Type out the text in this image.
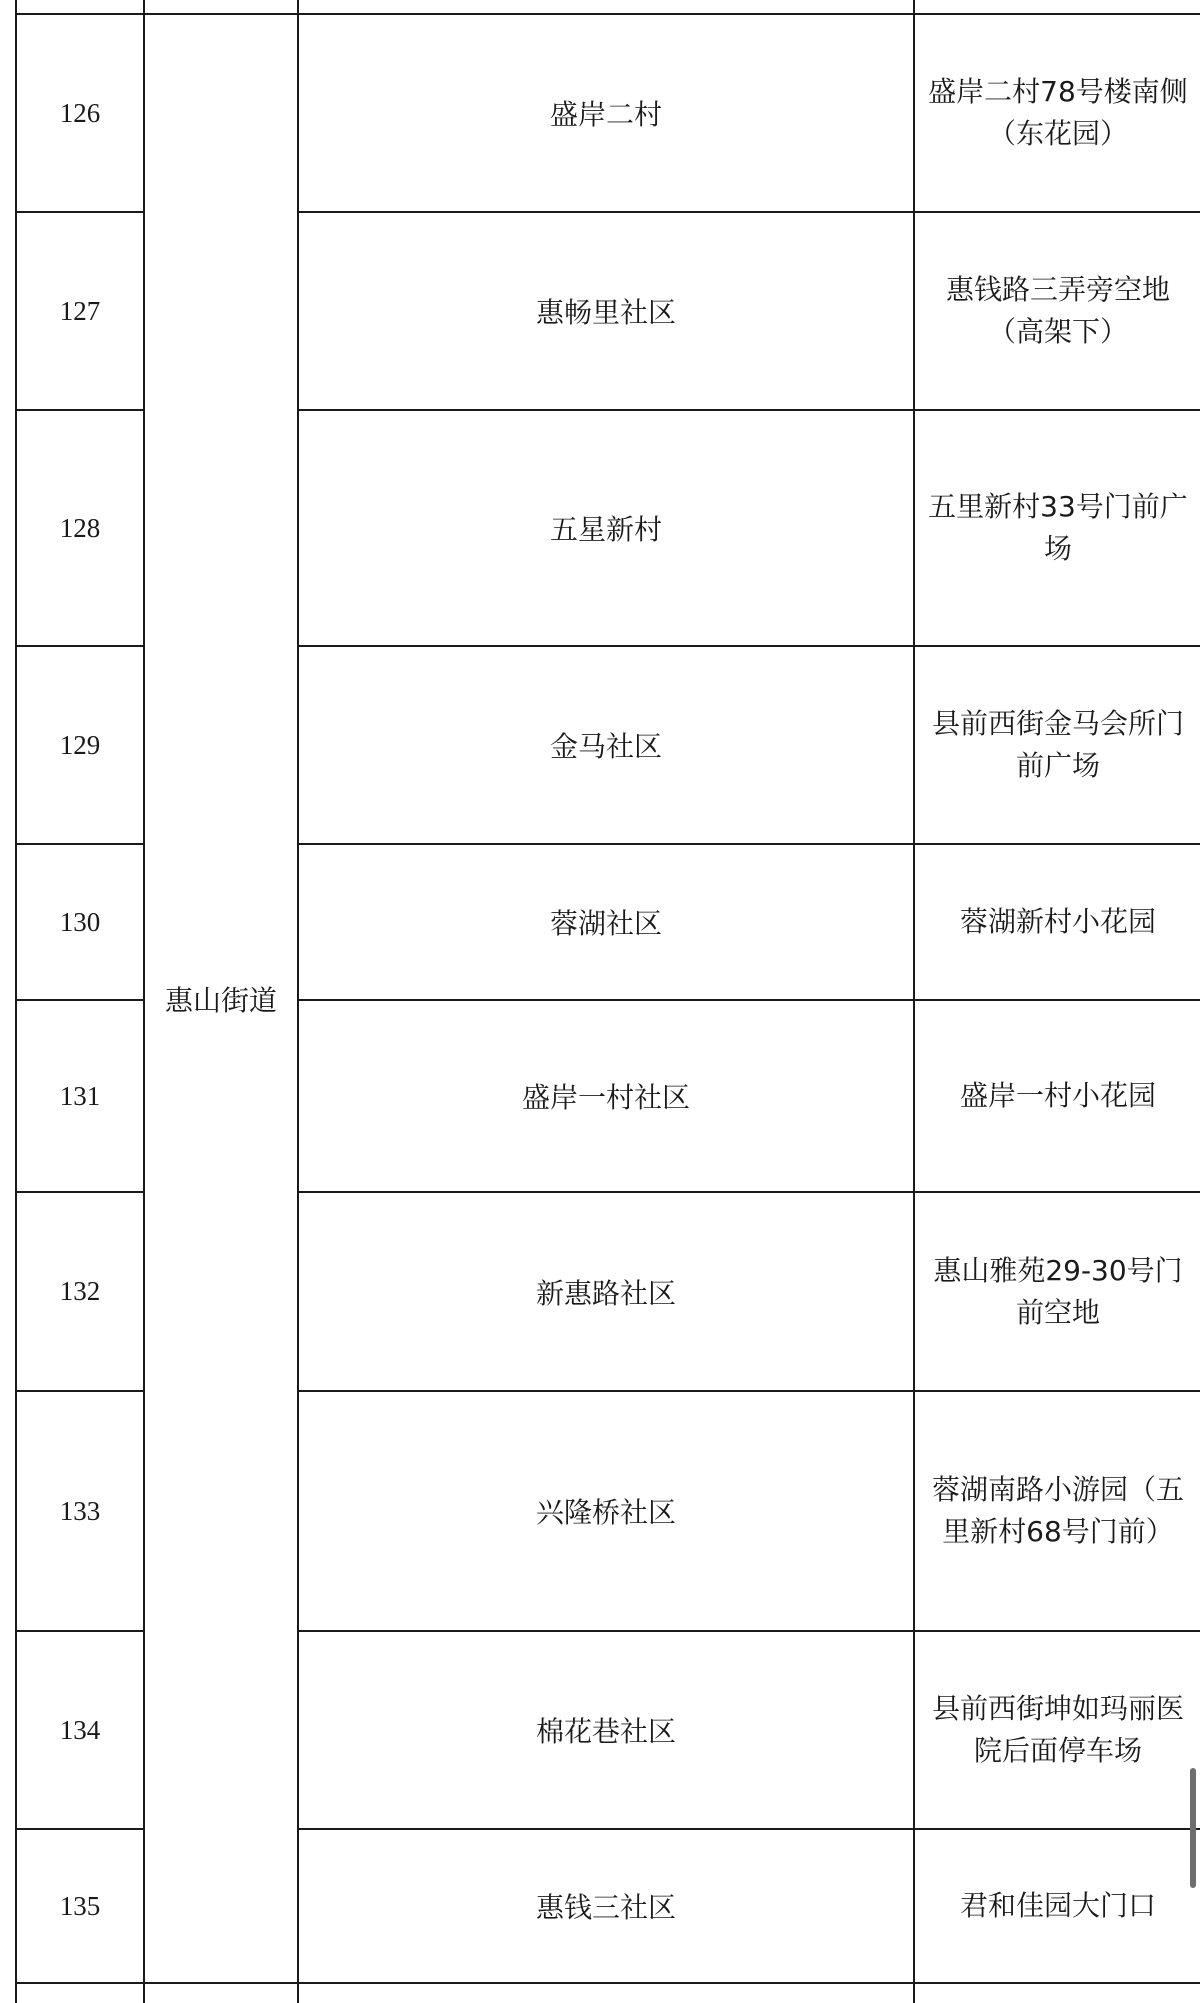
126	惠山街道	盛岸二村	盛岸二村78号楼南侧（东花园）
127		惠畅里社区	惠钱路三弄旁空地（高架下）
128		五星新村	五里新村33号门前广场
129		金马社区	县前西街金马会所门前广场
130		蓉湖社区	蓉湖新村小花园
131		盛岸一村社区	盛岸一村小花园
132		新惠路社区	惠山雅苑29-30号门前空地
133		兴隆桥社区	蓉湖南路小游园（五里新村68号门前）
134		棉花巷社区	县前西街坤如玛丽医院后面停车场
135		惠钱三社区	君和佳园大门口
